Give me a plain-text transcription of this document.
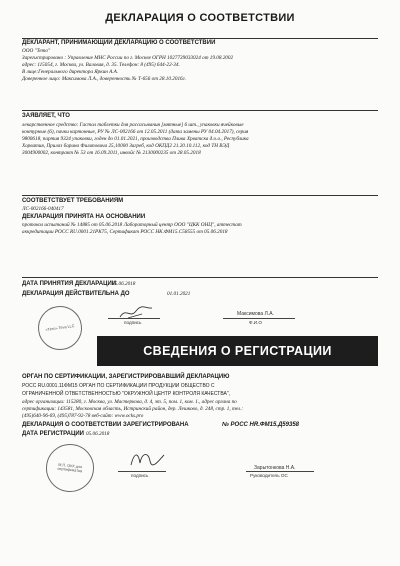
ДЕКЛАРАЦИЯ О СООТВЕТСТВИИ
ДЕКЛАРАНТ, ПРИНИМАЮЩИЙ ДЕКЛАРАЦИЮ О СООТВЕТСТВИИ
ООО "Тето"
Зарегистрировано : Управление МНС России по г. Москве ОГРН 1027739033024 от 19.08.2002
адрес: 115054, г. Москва, ул. Валовая, д. 35. Телефон: 8 (495) 644-22-34.
В лице:Генерального директора Яркин А.А.
Доверенное лицо: Максимова Л.А., доверенность № Т-656 от 28.10.2016г.
ЗАЯВЛЯЕТ, ЧТО
лекарственное средство: Гастал таблетки для рассасывания [мятные] 6 шт., упаковки ячейковые
контурные (6), пачки картонные, РУ № ЛС-002166 от 12.05.2011 (дата замены РУ 04.04.2017), серия
9800618, партия 9324 упаковки, годен до 01.01.2021, производства Плива Хрватска д.о.о., Республика
Хорватия, Прилаз барина Филиповича 25,10000 Загреб, код ОКПД2 21.20.10.112, код ТН ВЭД
3004900002, контракт № 53 от 16.09.2011, инвойс № 2130000235 от 28.05.2018
СООТВЕТСТВУЕТ ТРЕБОВАНИЯМ
ЛС-002166-040417
ДЕКЛАРАЦИЯ ПРИНЯТА НА ОСНОВАНИИ
протокол испытаний № 14885 от 05.06.2018 Лабораторный центр ООО "ЦКК ОНЦ", аттестат
аккредитации РОСС RU.0001.21РК75, Сертификат РОСС НК.ФМ15.С58555 от 05.06.2018
ДАТА ПРИНЯТИЯ ДЕКЛАРАЦИИ
05.06.2018
ДЕКЛАРАЦИЯ ДЕЙСТВИТЕЛЬНА ДО	01.01.2021
«Тето» Teva LLC
подпись
Максимова Л.А.
Ф.И.О
СВЕДЕНИЯ О РЕГИСТРАЦИИ
ОРГАН ПО СЕРТИФИКАЦИИ, ЗАРЕГИСТРИРОВАВШИЙ ДЕКЛАРАЦИЮ
РОСС RU.0001.11ФМ15 ОРГАН ПО СЕРТИФИКАЦИИ ПРОДУКЦИИ ОБЩЕСТВО С
ОГРАНИЧЕННОЙ ОТВЕТСТВЕННОСТЬЮ "ОКРУЖНОЙ ЦЕНТР КОНТРОЛЯ КАЧЕСТВА",
адрес организации: 115280, г. Москва, ул. Мастеркова, д. 4, эт. 5, пом. 1, ком. 1., адрес органа по
сертификации: 143581, Московская область, Истринский район, дер. Лешково, д. 248, стр. 1, тел.:
(495)640-96-69, (495)787-92-78 веб-сайт: www.ocks.pro
ДЕКЛАРАЦИЯ О СООТВЕТСТВИИ ЗАРЕГИСТРИРОВАНА	№ РОСС НR.ФМ15.Д59358
ДАТА РЕГИСТРАЦИИ 05.06.2018
М.П. ОКК для сертификатов
подпись
Зарытонкова Н.А.
Руководитель ОС
